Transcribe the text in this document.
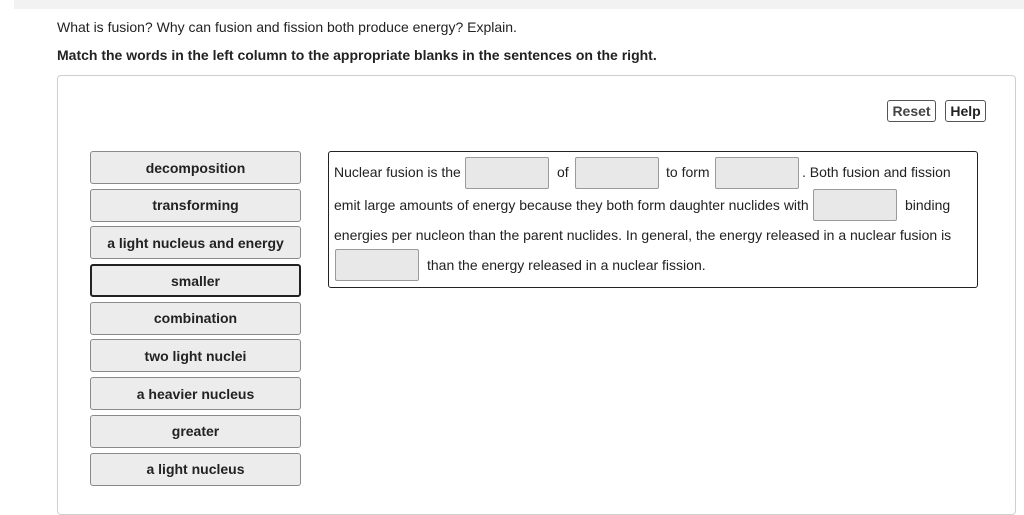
What is fusion? Why can fusion and fission both produce energy? Explain.
Match the words in the left column to the appropriate blanks in the sentences on the right.
Reset	Help
decomposition
transforming
a light nucleus and energy
smaller
combination
two light nuclei
a heavier nucleus
greater
a light nucleus
Nuclear fusion is the	of	to form	. Both fusion and fission
emit large amounts of energy because they both form daughter nuclides with	binding
energies per nucleon than the parent nuclides. In general, the energy released in a nuclear fusion is
than the energy released in a nuclear fission.
